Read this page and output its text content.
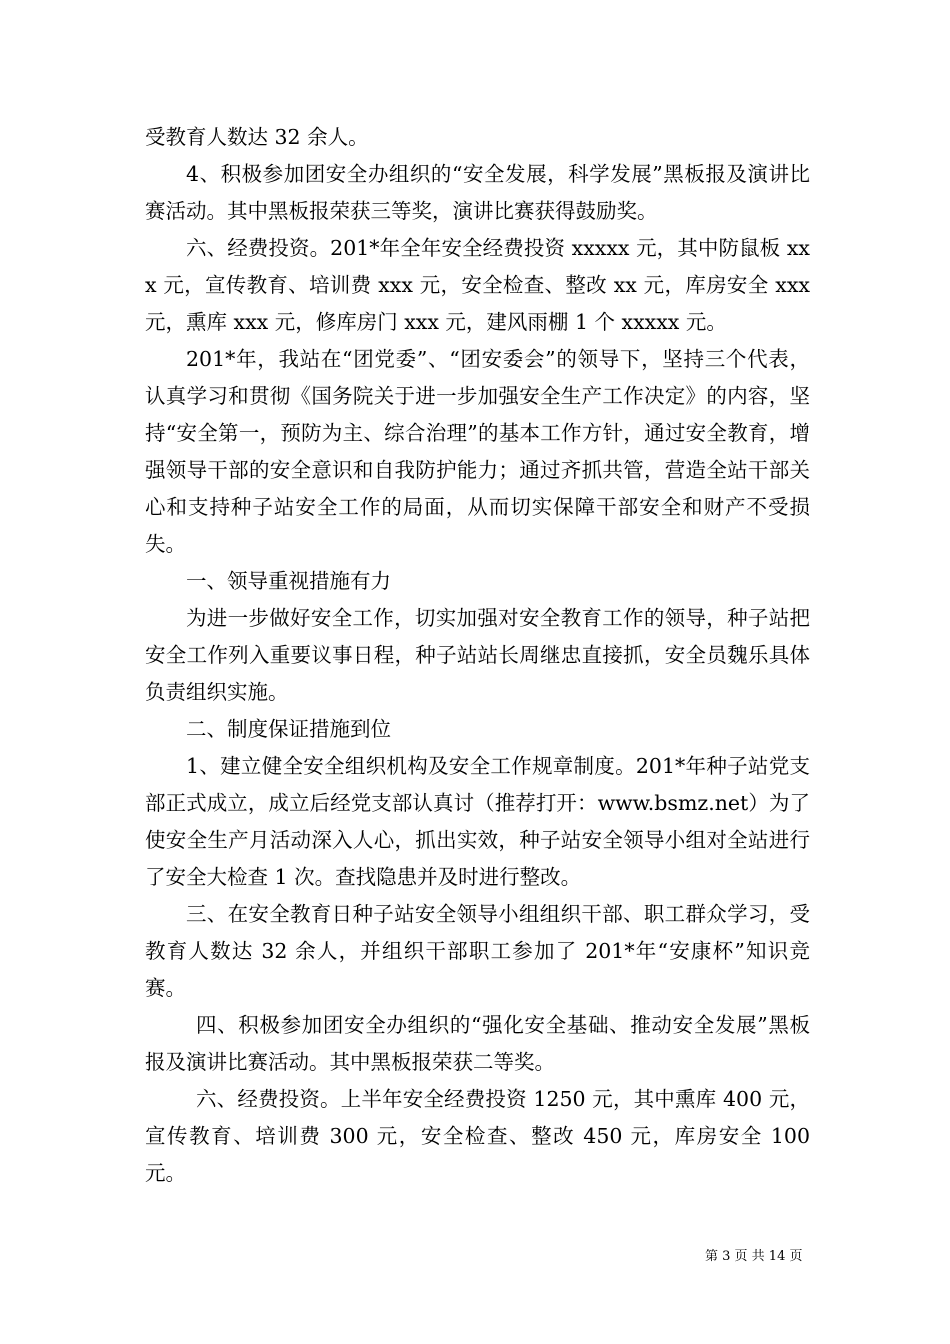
受教育人数达 32 余人。

4、积极参加团安全办组织的“安全发展，科学发展”黑板报及演讲比赛活动。其中黑板报荣获三等奖，演讲比赛获得鼓励奖。

六、经费投资。201*年全年安全经费投资 xxxxx 元，其中防鼠板 xxx 元，宣传教育、培训费 xxx 元，安全检查、整改 xx 元，库房安全 xxx 元，熏库 xxx 元，修库房门 xxx 元，建风雨棚 1 个 xxxxx 元。

201*年，我站在“团党委”、“团安委会”的领导下，坚持三个代表，认真学习和贯彻《国务院关于进一步加强安全生产工作决定》的内容，坚持“安全第一，预防为主、综合治理”的基本工作方针，通过安全教育，增强领导干部的安全意识和自我防护能力；通过齐抓共管，营造全站干部关心和支持种子站安全工作的局面，从而切实保障干部安全和财产不受损失。

一、领导重视措施有力

为进一步做好安全工作，切实加强对安全教育工作的领导，种子站把安全工作列入重要议事日程，种子站站长周继忠直接抓，安全员魏乐具体负责组织实施。

二、制度保证措施到位

1、建立健全安全组织机构及安全工作规章制度。201*年种子站党支部正式成立，成立后经党支部认真讨（推荐打开：www.bsmz.net）为了使安全生产月活动深入人心，抓出实效，种子站安全领导小组对全站进行了安全大检查 1 次。查找隐患并及时进行整改。

三、在安全教育日种子站安全领导小组组织干部、职工群众学习，受教育人数达 32 余人，并组织干部职工参加了 201*年“安康杯”知识竞赛。

四、积极参加团安全办组织的“强化安全基础、推动安全发展”黑板报及演讲比赛活动。其中黑板报荣获二等奖。

六、经费投资。上半年安全经费投资 1250 元，其中熏库 400 元，宣传教育、培训费 300 元，安全检查、整改 450 元，库房安全 100 元。

第 3 页 共 14 页
